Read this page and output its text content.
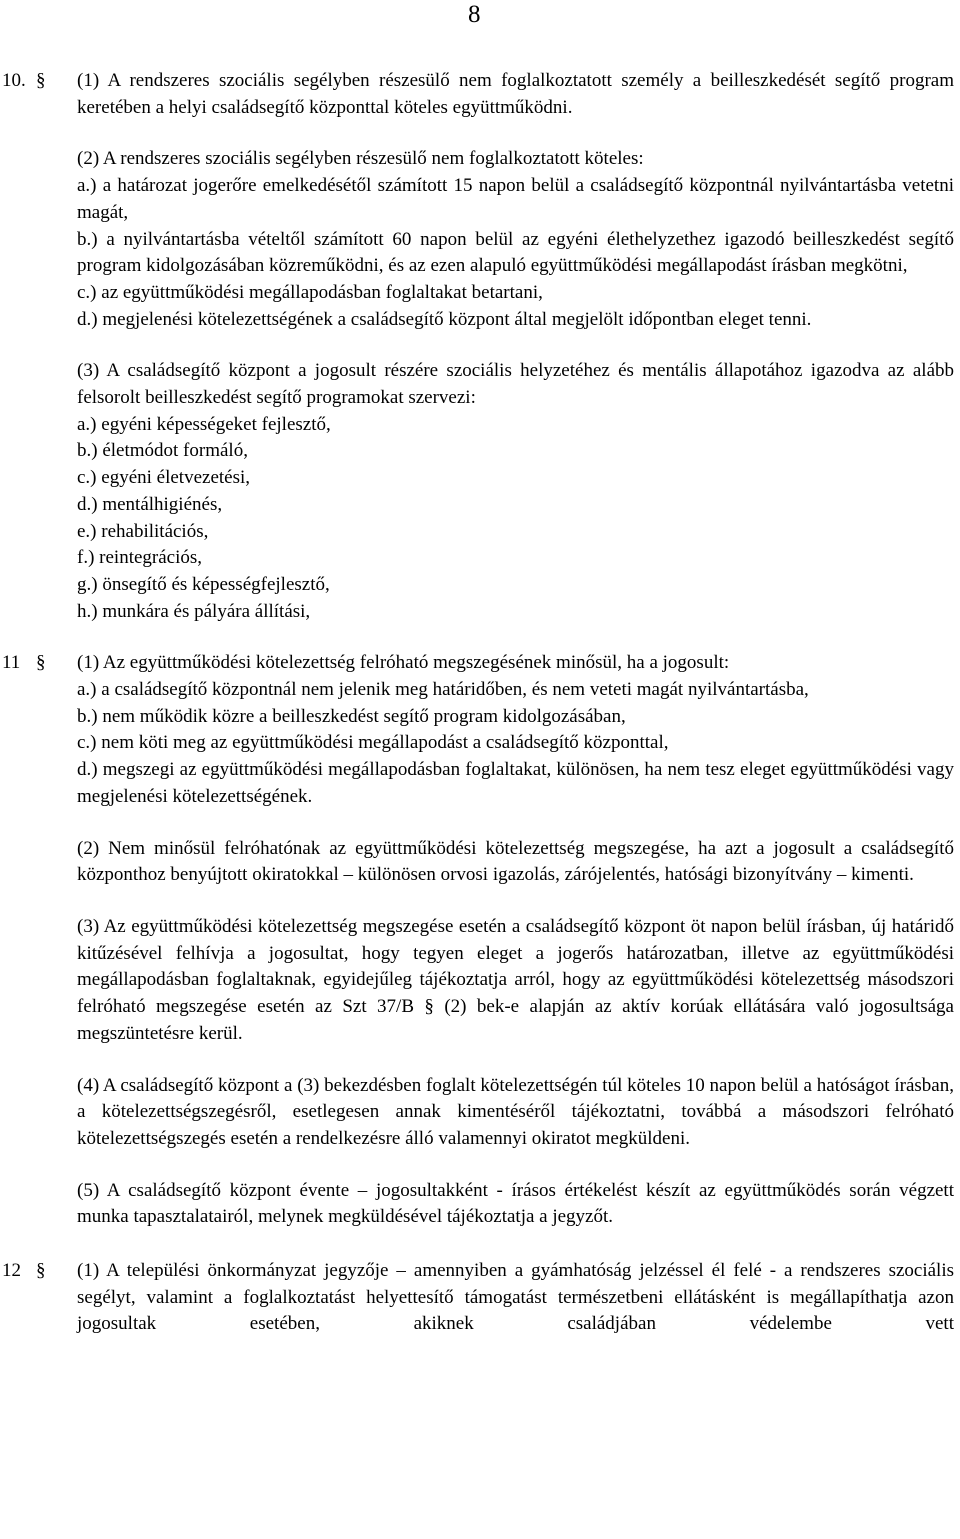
8
10. § (1) A rendszeres szociális segélyben részesülő nem foglalkoztatott személy a beilleszkedését segítő program keretében a helyi családsegítő központtal köteles együttműködni.

(2) A rendszeres szociális segélyben részesülő nem foglalkoztatott köteles:

a.) a határozat jogerőre emelkedésétől számított 15 napon belül a családsegítő központnál nyilvántartásba vetetni magát,

b.) a nyilvántartásba vételtől számított 60 napon belül az egyéni élethelyzethez igazodó beilleszkedést segítő program kidolgozásában közreműködni, és az ezen alapuló együttműködési megállapodást írásban megkötni,

c.) az együttműködési megállapodásban foglaltakat betartani,

d.) megjelenési kötelezettségének a családsegítő központ által megjelölt időpontban eleget tenni.

(3) A családsegítő központ a jogosult részére szociális helyzetéhez és mentális állapotához igazodva az alább felsorolt beilleszkedést segítő programokat szervezi:

a.) egyéni képességeket fejlesztő,

b.) életmódot formáló,

c.) egyéni életvezetési,

d.) mentálhigiénés,

e.) rehabilitációs,

f.) reintegrációs,

g.) önsegítő és képességfejlesztő,

h.) munkára és pályára állítási,

11 § (1) Az együttműködési kötelezettség felróható megszegésének minősül, ha a jogosult:

a.) a családsegítő központnál nem jelenik meg határidőben, és nem veteti magát nyilvántartásba,

b.) nem működik közre a beilleszkedést segítő program kidolgozásában,

c.) nem köti meg az együttműködési megállapodást a családsegítő központtal,

d.) megszegi az együttműködési megállapodásban foglaltakat, különösen, ha nem tesz eleget együttműködési vagy megjelenési kötelezettségének.

(2) Nem minősül felróhatónak az együttműködési kötelezettség megszegése, ha azt a jogosult a családsegítő központhoz benyújtott okiratokkal – különösen orvosi igazolás, zárójelentés, hatósági bizonyítvány – kimenti.

(3) Az együttműködési kötelezettség megszegése esetén a családsegítő központ öt napon belül írásban, új határidő kitűzésével felhívja a jogosultat, hogy tegyen eleget a jogerős határozatban, illetve az együttműködési megállapodásban foglaltaknak, egyidejűleg tájékoztatja arról, hogy az együttműködési kötelezettség másodszori felróható megszegése esetén az Szt 37/B § (2) bek-e alapján az aktív korúak ellátására való jogosultsága megszüntetésre kerül.

(4) A családsegítő központ a (3) bekezdésben foglalt kötelezettségén túl köteles 10 napon belül a hatóságot írásban, a kötelezettségszegésről, esetlegesen annak kimentéséről tájékoztatni, továbbá a másodszori felróható kötelezettségszegés esetén a rendelkezésre álló valamennyi okiratot megküldeni.

(5) A családsegítő központ évente – jogosultakként - írásos értékelést készít az együttműködés során végzett munka tapasztalatairól, melynek megküldésével tájékoztatja a jegyzőt.

12 § (1) A települési önkormányzat jegyzője – amennyiben a gyámhatóság jelzéssel él felé - a rendszeres szociális segélyt, valamint a foglalkoztatást helyettesítő támogatást természetbeni ellátásként is megállapíthatja azon jogosultak esetében, akiknek családjában védelembe vett
